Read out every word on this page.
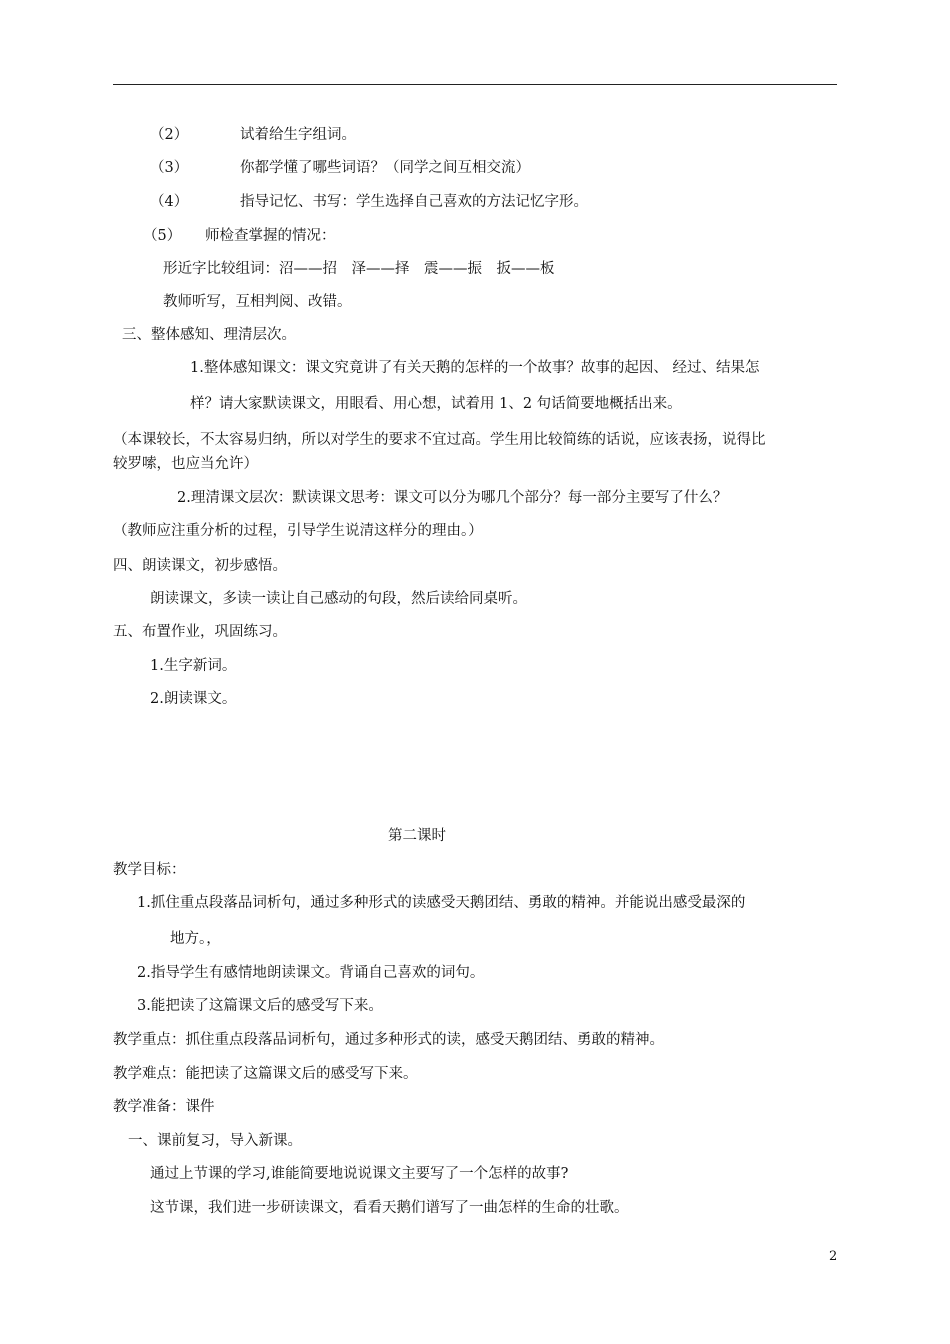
（2）	试着给生字组词。
（3）	你都学懂了哪些词语？（同学之间互相交流）
（4）	指导记忆、书写：学生选择自己喜欢的方法记忆字形。
（5） 师检查掌握的情况：
形近字比较组词：沼——招　泽——择　震——振　扳——板
教师听写，互相判阅、改错。
三、整体感知、理清层次。
1.整体感知课文：课文究竟讲了有关天鹅的怎样的一个故事？故事的起因、 经过、结果怎
样？请大家默读课文，用眼看、用心想，试着用 1、2 句话简要地概括出来。
（本课较长，不太容易归纳，所以对学生的要求不宜过高。学生用比较简练的话说，应该表扬，说得比
较罗嗦，也应当允许）
2.理清课文层次：默读课文思考：课文可以分为哪几个部分？每一部分主要写了什么？
（教师应注重分析的过程，引导学生说清这样分的理由。）
四、朗读课文，初步感悟。
朗读课文，多读一读让自己感动的句段，然后读给同桌听。
五、布置作业，巩固练习。
1.生字新词。
2.朗读课文。
第二课时
教学目标：
1.抓住重点段落品词析句，通过多种形式的读感受天鹅团结、勇敢的精神。并能说出感受最深的
地方。，
2.指导学生有感情地朗读课文。背诵自己喜欢的词句。
3.能把读了这篇课文后的感受写下来。
教学重点：抓住重点段落品词析句，通过多种形式的读，感受天鹅团结、勇敢的精神。
教学难点：能把读了这篇课文后的感受写下来。
教学准备：课件
一、课前复习，导入新课。
通过上节课的学习,谁能简要地说说课文主要写了一个怎样的故事?
这节课，我们进一步研读课文，看看天鹅们谱写了一曲怎样的生命的壮歌。
2
